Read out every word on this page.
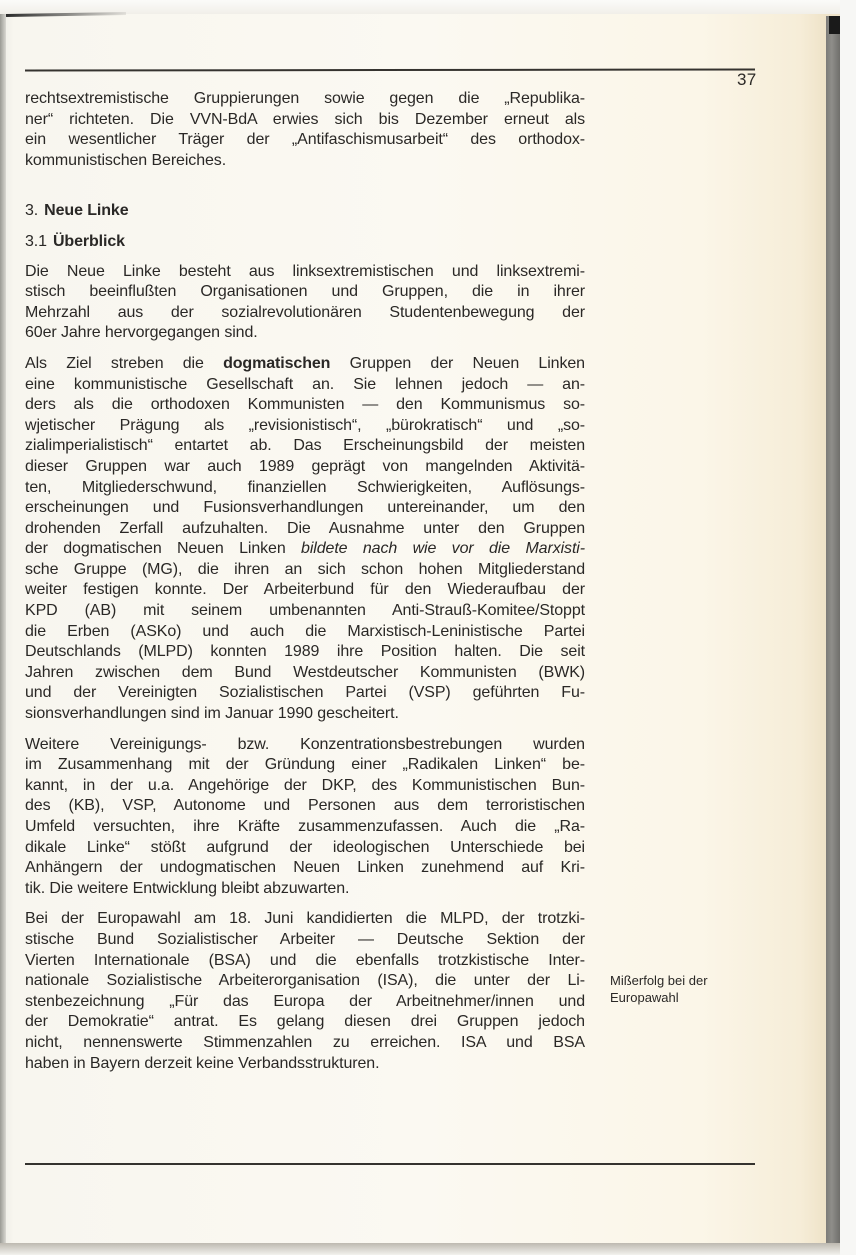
37

rechtsextremistische Gruppierungen sowie gegen die „Republika-
ner“ richteten. Die VVN-BdA erwies sich bis Dezember erneut als
ein wesentlicher Träger der „Antifaschismusarbeit“ des orthodox-
kommunistischen Bereiches.

3. Neue Linke
3.1 Überblick

Die Neue Linke besteht aus linksextremistischen und linksextremi-
stisch beeinflußten Organisationen und Gruppen, die in ihrer
Mehrzahl aus der sozialrevolutionären Studentenbewegung der
60er Jahre hervorgegangen sind.

Als Ziel streben die dogmatischen Gruppen der Neuen Linken
eine kommunistische Gesellschaft an. Sie lehnen jedoch — an-
ders als die orthodoxen Kommunisten — den Kommunismus so-
wjetischer Prägung als „revisionistisch“, „bürokratisch“ und „so-
zialimperialistisch“ entartet ab. Das Erscheinungsbild der meisten
dieser Gruppen war auch 1989 geprägt von mangelnden Aktivitä-
ten, Mitgliederschwund, finanziellen Schwierigkeiten, Auflösungs-
erscheinungen und Fusionsverhandlungen untereinander, um den
drohenden Zerfall aufzuhalten. Die Ausnahme unter den Gruppen
der dogmatischen Neuen Linken bildete nach wie vor die Marxisti-
sche Gruppe (MG), die ihren an sich schon hohen Mitgliederstand
weiter festigen konnte. Der Arbeiterbund für den Wiederaufbau der
KPD (AB) mit seinem umbenannten Anti-Strauß-Komitee/Stoppt
die Erben (ASKo) und auch die Marxistisch-Leninistische Partei
Deutschlands (MLPD) konnten 1989 ihre Position halten. Die seit
Jahren zwischen dem Bund Westdeutscher Kommunisten (BWK)
und der Vereinigten Sozialistischen Partei (VSP) geführten Fu-
sionsverhandlungen sind im Januar 1990 gescheitert.

Weitere Vereinigungs- bzw. Konzentrationsbestrebungen wurden
im Zusammenhang mit der Gründung einer „Radikalen Linken“ be-
kannt, in der u.a. Angehörige der DKP, des Kommunistischen Bun-
des (KB), VSP, Autonome und Personen aus dem terroristischen
Umfeld versuchten, ihre Kräfte zusammenzufassen. Auch die „Ra-
dikale Linke“ stößt aufgrund der ideologischen Unterschiede bei
Anhängern der undogmatischen Neuen Linken zunehmend auf Kri-
tik. Die weitere Entwicklung bleibt abzuwarten.

Bei der Europawahl am 18. Juni kandidierten die MLPD, der trotzki-
stische Bund Sozialistischer Arbeiter — Deutsche Sektion der
Vierten Internationale (BSA) und die ebenfalls trotzkistische Inter-
nationale Sozialistische Arbeiterorganisation (ISA), die unter der Li-
stenbezeichnung „Für das Europa der Arbeitnehmer/innen und
der Demokratie“ antrat. Es gelang diesen drei Gruppen jedoch
nicht, nennenswerte Stimmenzahlen zu erreichen. ISA und BSA
haben in Bayern derzeit keine Verbandsstrukturen.

Mißerfolg bei der
Europawahl
